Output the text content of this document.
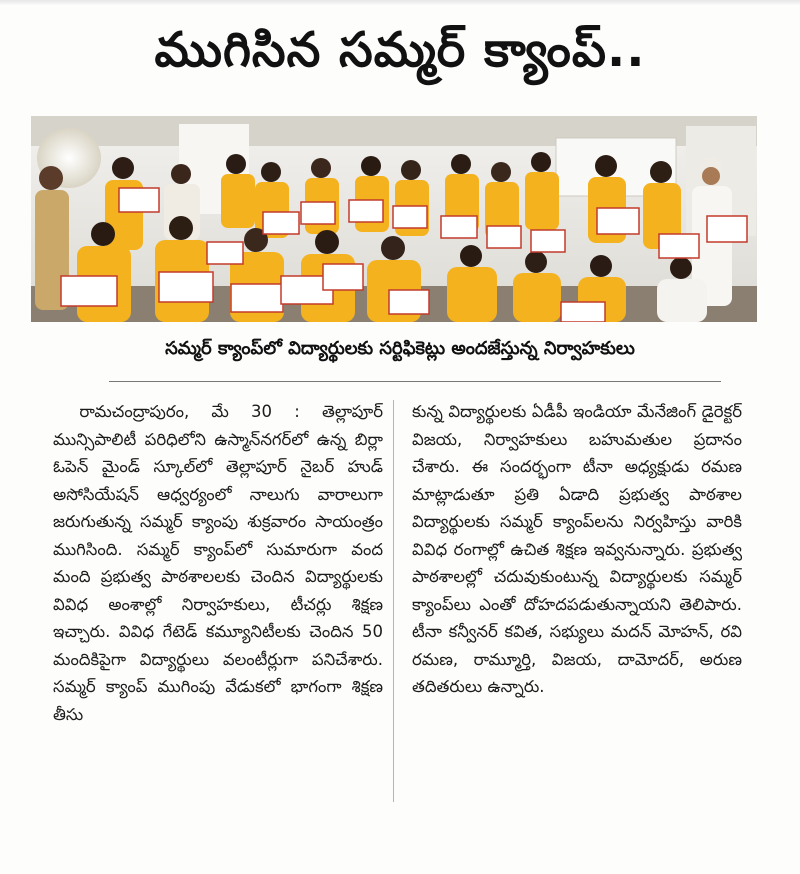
ముగిసిన సమ్మర్ క్యాంప్..
సమ్మర్ క్యాంప్‌లో విద్యార్థులకు సర్టిఫికెట్లు అందజేస్తున్న నిర్వాహకులు

రామచంద్రాపురం, మే 30 : తెల్లాపూర్ మున్సిపాలిటీ పరిధిలోని ఉస్మాన్‌నగర్‌లో ఉన్న బిర్లా ఓపెన్ మైండ్ స్కూల్‌లో తెల్లాపూర్ నైబర్ హుడ్ అసోసియేషన్ ఆధ్వర్యంలో నాలుగు వారాలుగా జరుగుతున్న సమ్మర్ క్యాంపు శుక్రవారం సాయంత్రం ముగిసింది. సమ్మర్ క్యాంప్‌లో సుమారుగా వంద మంది ప్రభుత్వ పాఠశాలలకు చెందిన విద్యార్థులకు వివిధ అంశాల్లో నిర్వాహకులు, టీచర్లు శిక్షణ ఇచ్చారు. వివిధ గేటెడ్ కమ్యూనిటీలకు చెందిన 50 మందికిపైగా విద్యార్థులు వలంటీర్లుగా పనిచేశారు. సమ్మర్ క్యాంప్ ముగింపు వేడుకలో భాగంగా శిక్షణ తీసు

కున్న విద్యార్థులకు ఏడీపీ ఇండియా మేనేజింగ్ డైరెక్టర్ విజయ, నిర్వాహకులు బహుమతుల ప్రదానం చేశారు. ఈ సందర్భంగా టీనా అధ్యక్షుడు రమణ మాట్లాడుతూ ప్రతి ఏడాది ప్రభుత్వ పాఠశాల విద్యార్థులకు సమ్మర్ క్యాంప్‌లను నిర్వహిస్తు వారికి వివిధ రంగాల్లో ఉచిత శిక్షణ ఇవ్వనున్నారు. ప్రభుత్వ పాఠశాలల్లో చదువుకుంటున్న విద్యార్థులకు సమ్మర్ క్యాంప్‌లు ఎంతో దోహదపడుతున్నాయని తెలిపారు. టీనా కన్వీనర్ కవిత, సభ్యులు మదన్ మోహన్, రవి రమణ, రామ్మూర్తి, విజయ, దామోదర్, అరుణ తదితరులు ఉన్నారు.
